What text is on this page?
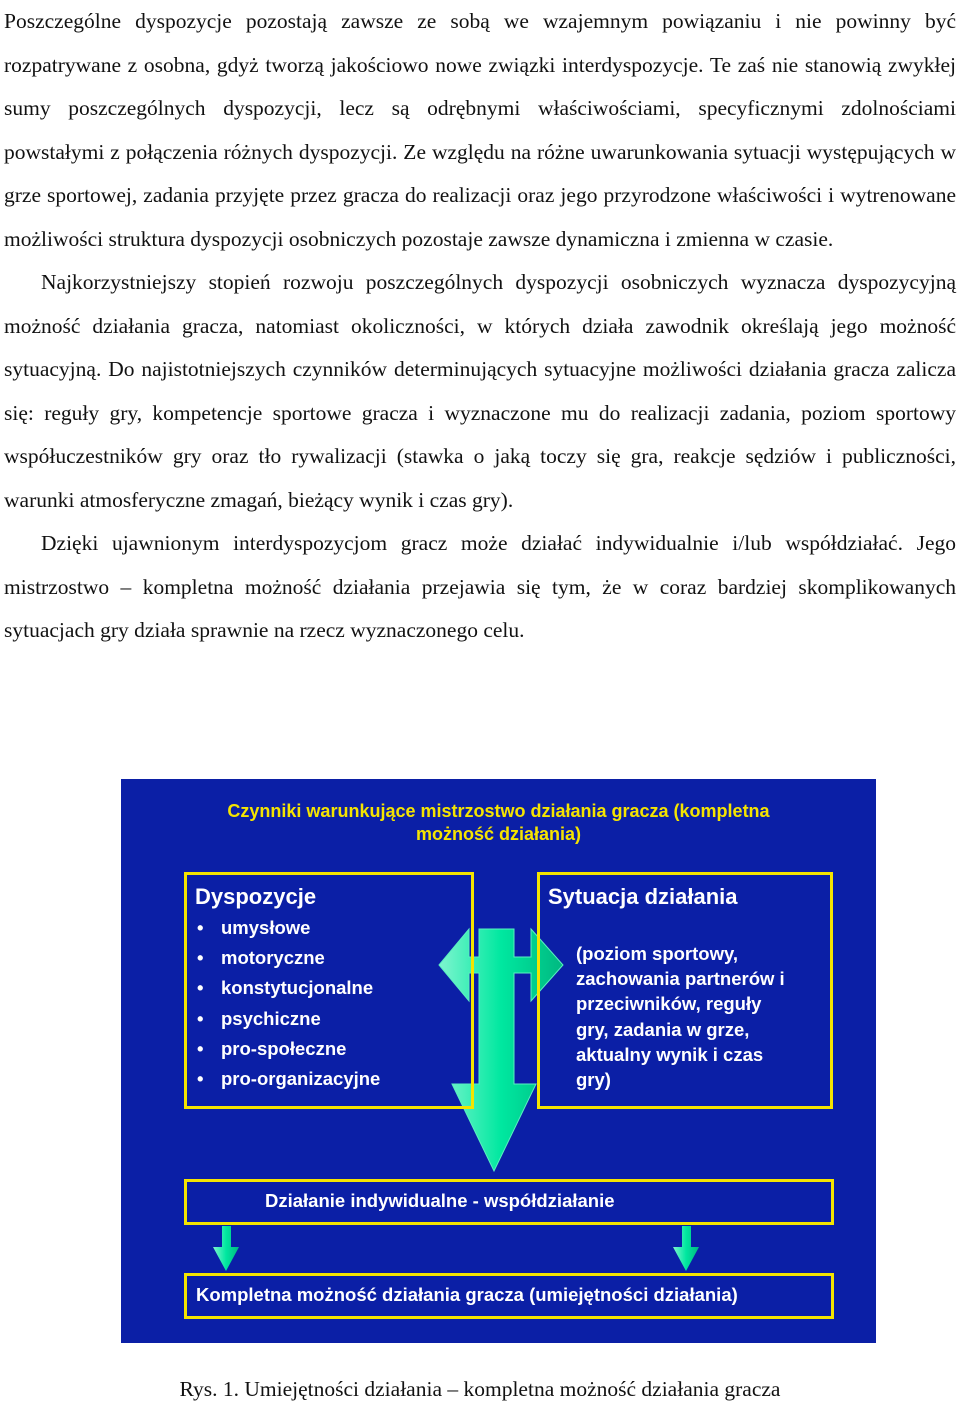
Poszczególne dyspozycje pozostają zawsze ze sobą we wzajemnym powiązaniu i nie powinny być rozpatrywane z osobna, gdyż tworzą jakościowo nowe związki interdyspozycje. Te zaś nie stanowią zwykłej sumy poszczególnych dyspozycji, lecz są odrębnymi właściwościami, specyficznymi zdolnościami powstałymi z połączenia różnych dyspozycji. Ze względu na różne uwarunkowania sytuacji występujących w grze sportowej, zadania przyjęte przez gracza do realizacji oraz jego przyrodzone właściwości i wytrenowane możliwości struktura dyspozycji osobniczych pozostaje zawsze dynamiczna i zmienna w czasie.

Najkorzystniejszy stopień rozwoju poszczególnych dyspozycji osobniczych wyznacza dyspozycyjną możność działania gracza, natomiast okoliczności, w których działa zawodnik określają jego możność sytuacyjną. Do najistotniejszych czynników determinujących sytuacyjne możliwości działania gracza zalicza się: reguły gry, kompetencje sportowe gracza i wyznaczone mu do realizacji zadania, poziom sportowy współuczestników gry oraz tło rywalizacji (stawka o jaką toczy się gra, reakcje sędziów i publiczności, warunki atmosferyczne zmagań, bieżący wynik i czas gry).

Dzięki ujawnionym interdyspozycjom gracz może działać indywidualnie i/lub współdziałać. Jego mistrzostwo – kompletna możność działania przejawia się tym, że w coraz bardziej skomplikowanych sytuacjach gry działa sprawnie na rzecz wyznaczonego celu.

Czynniki warunkujące mistrzostwo działania gracza (kompletna
możność działania)
Dyspozycje
• umysłowe
• motoryczne
• konstytucjonalne
• psychiczne
• pro-społeczne
• pro-organizacyjne
Sytuacja działania
(poziom sportowy,
zachowania partnerów i
przeciwników, reguły
gry, zadania w grze,
aktualny wynik i czas
gry)
Działanie indywidualne - współdziałanie
Kompletna możność działania gracza (umiejętności działania)
Rys. 1. Umiejętności działania – kompletna możność działania gracza
